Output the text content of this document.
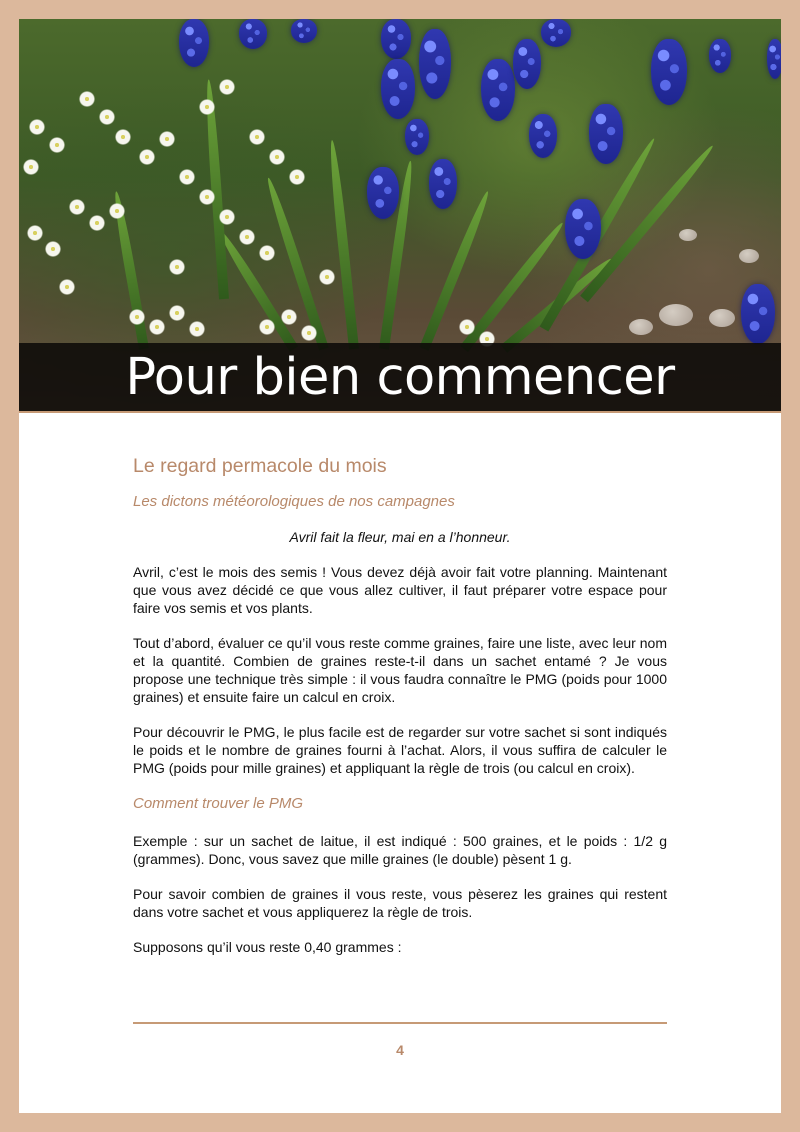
Pour bien commencer
Le regard permacole du mois
Les dictons météorologiques de nos campagnes

Avril fait la fleur, mai en a l’honneur.

Avril, c’est le mois des semis ! Vous devez déjà avoir fait votre planning. Maintenant que vous avez décidé ce que vous allez cultiver, il faut préparer votre espace pour faire vos semis et vos plants.

Tout d’abord, évaluer ce qu’il vous reste comme graines, faire une liste, avec leur nom et la quantité. Combien de graines reste-t-il dans un sachet entamé ? Je vous propose une technique très simple : il vous faudra connaître le PMG (poids pour 1000 graines) et ensuite faire un calcul en croix.

Pour découvrir le PMG, le plus facile est de regarder sur votre sachet si sont indiqués le poids et le nombre de graines fourni à l’achat. Alors, il vous suffira de calculer le PMG (poids pour mille graines) et appliquant la règle de trois (ou calcul en croix).

Comment trouver le PMG

Exemple : sur un sachet de laitue, il est indiqué : 500 graines, et le poids : 1/2 g (grammes). Donc, vous savez que mille graines (le double) pèsent 1 g.

Pour savoir combien de graines il vous reste, vous pèserez les graines qui restent dans votre sachet et vous appliquerez la règle de trois.

Supposons qu’il vous reste 0,40 grammes :

4
